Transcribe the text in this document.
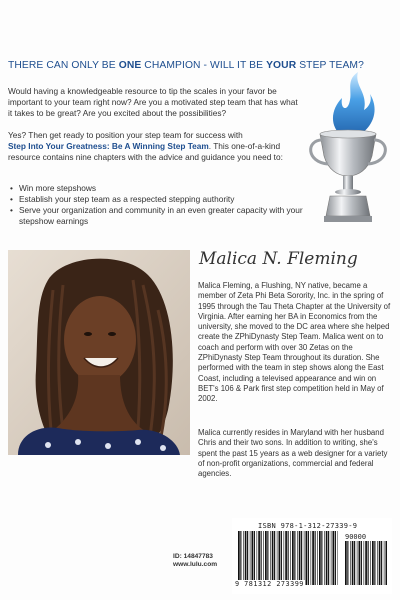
THERE CAN ONLY BE ONE CHAMPION - WILL IT BE YOUR STEP TEAM?
Would having a knowledgeable resource to tip the scales in your favor be important to your team right now? Are you a motivated step team that has what it takes to be great? Are you excited about the possibilities?
Yes? Then get ready to position your step team for success with
Step Into Your Greatness: Be A Winning Step Team. This one-of-a-kind resource contains nine chapters with the advice and guidance you need to:
• Win more stepshows
• Establish your step team as a respected stepping authority
• Serve your organization and community in an even greater capacity with your stepshow earnings
Malica N. Fleming
Malica Fleming, a Flushing, NY native, became a member of Zeta Phi Beta Sorority, Inc. in the spring of 1995 through the Tau Theta Chapter at the University of Virginia. After earning her BA in Economics from the university, she moved to the DC area where she helped create the ZPhiDynasty Step Team. Malica went on to coach and perform with over 30 Zetas on the ZPhiDynasty Step Team throughout its duration. She performed with the team in step shows along the East Coast, including a televised appearance and win on BET's 106 & Park first step competition held in May of 2002.
Malica currently resides in Maryland with her husband Chris and their two sons. In addition to writing, she's spent the past 15 years as a web designer for a variety of non-profit organizations, commercial and federal agencies.
ID: 14847783
www.lulu.com
ISBN 978-1-312-27339-9
90000
9 781312 273399
